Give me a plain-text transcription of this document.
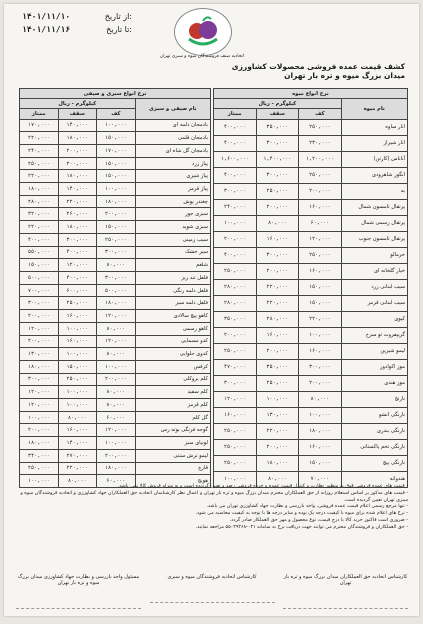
۱۴۰۱/۱۱/۱۰	از تاریخ:
۱۴۰۱/۱۱/۱۶	تا تاریخ:
اتحادیه صنف فروشندگان میوه و سبزی تهران
کشف قیمت عمده فروشی محصولات کشاورزی
میدان بزرگ میوه و تره بار تهران
نرخ انواع میوه			
نام میوه	کیلوگرم - ریال		
	کف	سقف	ممتاز
انار ساوه	۲۵۰,۰۰۰	۳۵۰,۰۰۰	۴۰۰,۰۰۰
انار شیراز	۲۳۰,۰۰۰	۳۰۰,۰۰۰	۴۰۰,۰۰۰
آناناس (کارتن)	۱,۲۰۰,۰۰۰	۱,۴۰۰,۰۰۰	۱,۶۰۰,۰۰۰
انگور شاهرودی	۲۵۰,۰۰۰	۳۰۰,۰۰۰	۴۰۰,۰۰۰
به	۲۰۰,۰۰۰	۲۵۰,۰۰۰	۳۰۰,۰۰۰
پرتقال تامسون شمال	۱۶۰,۰۰۰	۲۰۰,۰۰۰	۲۴۰,۰۰۰
پرتقال رسمی شمال	۶۰,۰۰۰	۸۰,۰۰۰	۱۰۰,۰۰۰
پرتقال تامسون جنوب	۱۲۰,۰۰۰	۱۶۰,۰۰۰	۲۰۰,۰۰۰
خرمالو	۲۵۰,۰۰۰	۳۰۰,۰۰۰	۴۰۰,۰۰۰
خیار گلخانه ای	۱۶۰,۰۰۰	۲۰۰,۰۰۰	۲۵۰,۰۰۰
سیب لبنانی زرد	۱۵۰,۰۰۰	۲۲۰,۰۰۰	۲۸۰,۰۰۰
سیب لبنانی قرمز	۱۵۰,۰۰۰	۲۲۰,۰۰۰	۲۸۰,۰۰۰
کیوی	۲۲۰,۰۰۰	۲۸۰,۰۰۰	۳۵۰,۰۰۰
گریپفروت تو سرخ	۱۰۰,۰۰۰	۱۶۰,۰۰۰	۲۰۰,۰۰۰
لیمو شیرین	۱۶۰,۰۰۰	۲۰۰,۰۰۰	۲۵۰,۰۰۰
موز اکوادور	۳۰۰,۰۰۰	۳۵۰,۰۰۰	۴۷۰,۰۰۰
موز هندی	۲۰۰,۰۰۰	۲۵۰,۰۰۰	۳۰۰,۰۰۰
نارنج	۸۰,۰۰۰	۱۰۰,۰۰۰	۱۲۰,۰۰۰
نارنگی انشو	۱۰۰,۰۰۰	۱۳۰,۰۰۰	۱۶۰,۰۰۰
نارنگی بندری	۱۸۰,۰۰۰	۲۲۰,۰۰۰	۲۵۰,۰۰۰
نارنگی تخم پاکستانی	۱۶۰,۰۰۰	۲۰۰,۰۰۰	۲۵۰,۰۰۰
نارنگی پیچ	۱۵۰,۰۰۰	۱۸۰,۰۰۰	۲۵۰,۰۰۰
هندوانه	۷۰,۰۰۰	۸۰,۰۰۰	۱۰۰,۰۰۰
نرخ انواع سبزی و صیفی			
نام صیفی و سبزی	کیلوگرم - ریال		
	کف	سقف	ممتاز
بادمجان دلمه ای	۱۰۰,۰۰۰	۱۴۰,۰۰۰	۱۷۰,۰۰۰
بادمجان قلمی	۱۵۰,۰۰۰	۱۸۰,۰۰۰	۲۲۰,۰۰۰
بادمجان گل شاه ای	۱۷۰,۰۰۰	۲۰۰,۰۰۰	۲۴۰,۰۰۰
پیاز زرد	۱۵۰,۰۰۰	۲۰۰,۰۰۰	۲۵۰,۰۰۰
پیاز شیری	۱۵۰,۰۰۰	۱۸۰,۰۰۰	۲۲۰,۰۰۰
پیاز قرمز	۱۰۰,۰۰۰	۱۴۰,۰۰۰	۱۸۰,۰۰۰
چغندر پوش	۱۸۰,۰۰۰	۲۲۰,۰۰۰	۲۸۰,۰۰۰
سبزی جور	۲۰۰,۰۰۰	۲۶۰,۰۰۰	۳۲۰,۰۰۰
سبزی شوید	۱۵۰,۰۰۰	۱۸۰,۰۰۰	۲۲۰,۰۰۰
سیب زمینی	۲۵۰,۰۰۰	۳۰۰,۰۰۰	۴۰۰,۰۰۰
سیر خشک	۳۰۰,۰۰۰	۴۰۰,۰۰۰	۵۵۰,۰۰۰
شلغم	۸۰,۰۰۰	۱۲۰,۰۰۰	۱۵۰,۰۰۰
فلفل تند ریز	۳۰۰,۰۰۰	۴۰۰,۰۰۰	۵۰۰,۰۰۰
فلفل دلمه رنگی	۵۰۰,۰۰۰	۶۰۰,۰۰۰	۷۰۰,۰۰۰
فلفل دلمه سبز	۱۸۰,۰۰۰	۲۵۰,۰۰۰	۳۰۰,۰۰۰
کاهو پیچ سالادی	۱۲۰,۰۰۰	۱۶۰,۰۰۰	۲۰۰,۰۰۰
کاهو رسمی	۸۰,۰۰۰	۱۰۰,۰۰۰	۱۲۰,۰۰۰
کدو مسمایی	۱۲۰,۰۰۰	۱۶۰,۰۰۰	۲۰۰,۰۰۰
کدوی حلوایی	۸۰,۰۰۰	۱۰۰,۰۰۰	۱۳۰,۰۰۰
کرفس	۱۰۰,۰۰۰	۱۵۰,۰۰۰	۱۸۰,۰۰۰
کلم بروکلی	۲۰۰,۰۰۰	۲۵۰,۰۰۰	۳۰۰,۰۰۰
کلم سفید	۸۰,۰۰۰	۱۰۰,۰۰۰	۱۲۰,۰۰۰
کلم قرمز	۸۰,۰۰۰	۱۰۰,۰۰۰	۱۲۰,۰۰۰
گل کلم	۶۰,۰۰۰	۸۰,۰۰۰	۱۰۰,۰۰۰
گوجه فرنگی بوته رس	۱۲۰,۰۰۰	۱۶۰,۰۰۰	۲۰۰,۰۰۰
لوبیای سبز	۱۰۰,۰۰۰	۱۴۰,۰۰۰	۱۸۰,۰۰۰
لیمو ترش سنتی	۲۰۰,۰۰۰	۲۷۰,۰۰۰	۳۴۰,۰۰۰
قارچ	۱۸۰,۰۰۰	۲۲۰,۰۰۰	۲۵۰,۰۰۰
هویج	۶۰,۰۰۰	۸۰,۰۰۰	۱۰۰,۰۰۰
- قیمت های عمده فروشی فوق به منظور نظارت و کنترل قیمت عمده و خرده فروشی رصد و تعیین گردیده است و به منزله فروش کالا نمی باشد.
- قیمت های مذکور بر اساس استعلام روزانه از حق العملکاران محترم میدان بزرگ میوه و تره بار تهران و اعمال نظر کارشناسان اتحادیه حق العملکاران جهاد کشاورزی و اتحادیه فروشندگان میوه و سبزی تهران تعیین گردیده است.
- تنها مرجع رسمی اعلام قیمت عمده فروشی، واحد بازرسی و نظارت جهاد کشاورزی تهران می باشد.
- نرخ های اعلام شده برای میوه با کیفیت درجه یک بوده و سایر درجه ها با توجه به کیفیت محاسبه می شود.
- ضروری است فاکتور خرید کالا با درج قیمت، نوع محصول و مهر حق العملکار صادر گردد.
- حق العملکاران و فروشندگان محترم می توانند جهت دریافت نرخ به سامانه ۰۲۱-۵۵۰۳۹۲۶۸ مراجعه نمایند.
کارشناس اتحادیه حق العملکاران میدان بزرگ میوه و تره بار تهران
کارشناس اتحادیه فروشندگان میوه و سبزی
مسئول واحد بازرسی و نظارت جهاد کشاورزی میدان بزرگ میوه و تره بار تهران
